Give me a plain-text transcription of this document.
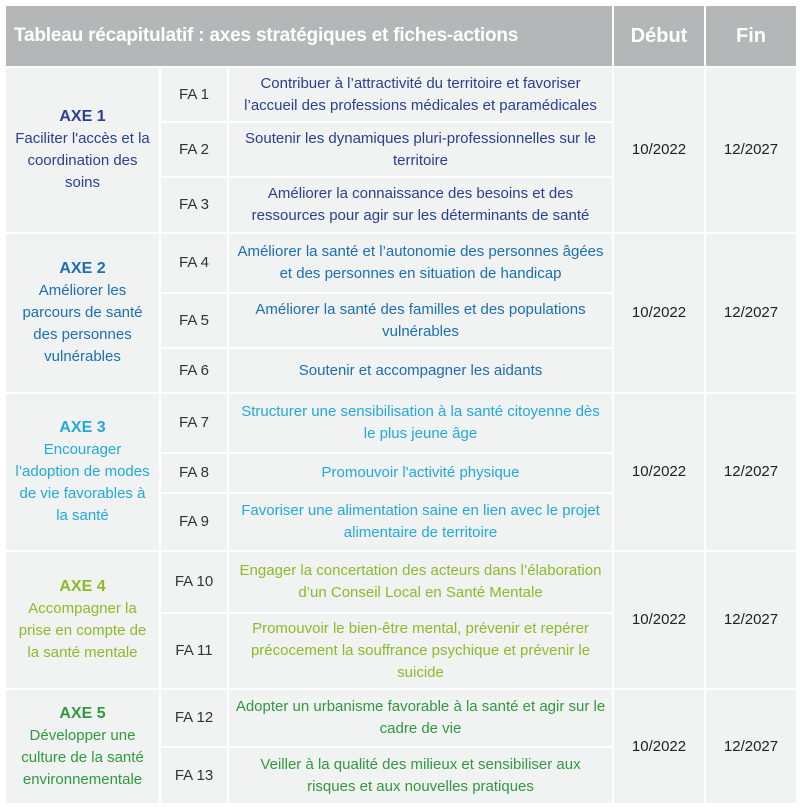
Tableau récapitulatif : axes stratégiques et fiches-actions			Début	Fin

AXE 1
Faciliter l'accès et la coordination des soins	FA 1	Contribuer à l’attractivité du territoire et favoriser l’accueil des professions médicales et paramédicales	10/2022	12/2027
	FA 2	Soutenir les dynamiques pluri-professionnelles sur le territoire		
	FA 3	Améliorer la connaissance des besoins et des ressources pour agir sur les déterminants de santé		

AXE 2
Améliorer les parcours de santé des personnes vulnérables	FA 4	Améliorer la santé et l’autonomie des personnes âgées et des personnes en situation de handicap	10/2022	12/2027
	FA 5	Améliorer la santé des familles et des populations vulnérables		
	FA 6	Soutenir et accompagner les aidants		

AXE 3
Encourager l’adoption de modes de vie favorables à la santé	FA 7	Structurer une sensibilisation à la santé citoyenne dès le plus jeune âge	10/2022	12/2027
	FA 8	Promouvoir l'activité physique		
	FA 9	Favoriser une alimentation saine en lien avec le projet alimentaire de territoire		

AXE 4
Accompagner la prise en compte de la santé mentale	FA 10	Engager la concertation des acteurs dans l’élaboration d’un Conseil Local en Santé Mentale	10/2022	12/2027
	FA 11	Promouvoir le bien-être mental, prévenir et repérer précocement la souffrance psychique et prévenir le suicide		

AXE 5
Développer une culture de la santé environnementale	FA 12	Adopter un urbanisme favorable à la santé et agir sur le cadre de vie	10/2022	12/2027
	FA 13	Veiller à la qualité des milieux et sensibiliser aux risques et aux nouvelles pratiques		
